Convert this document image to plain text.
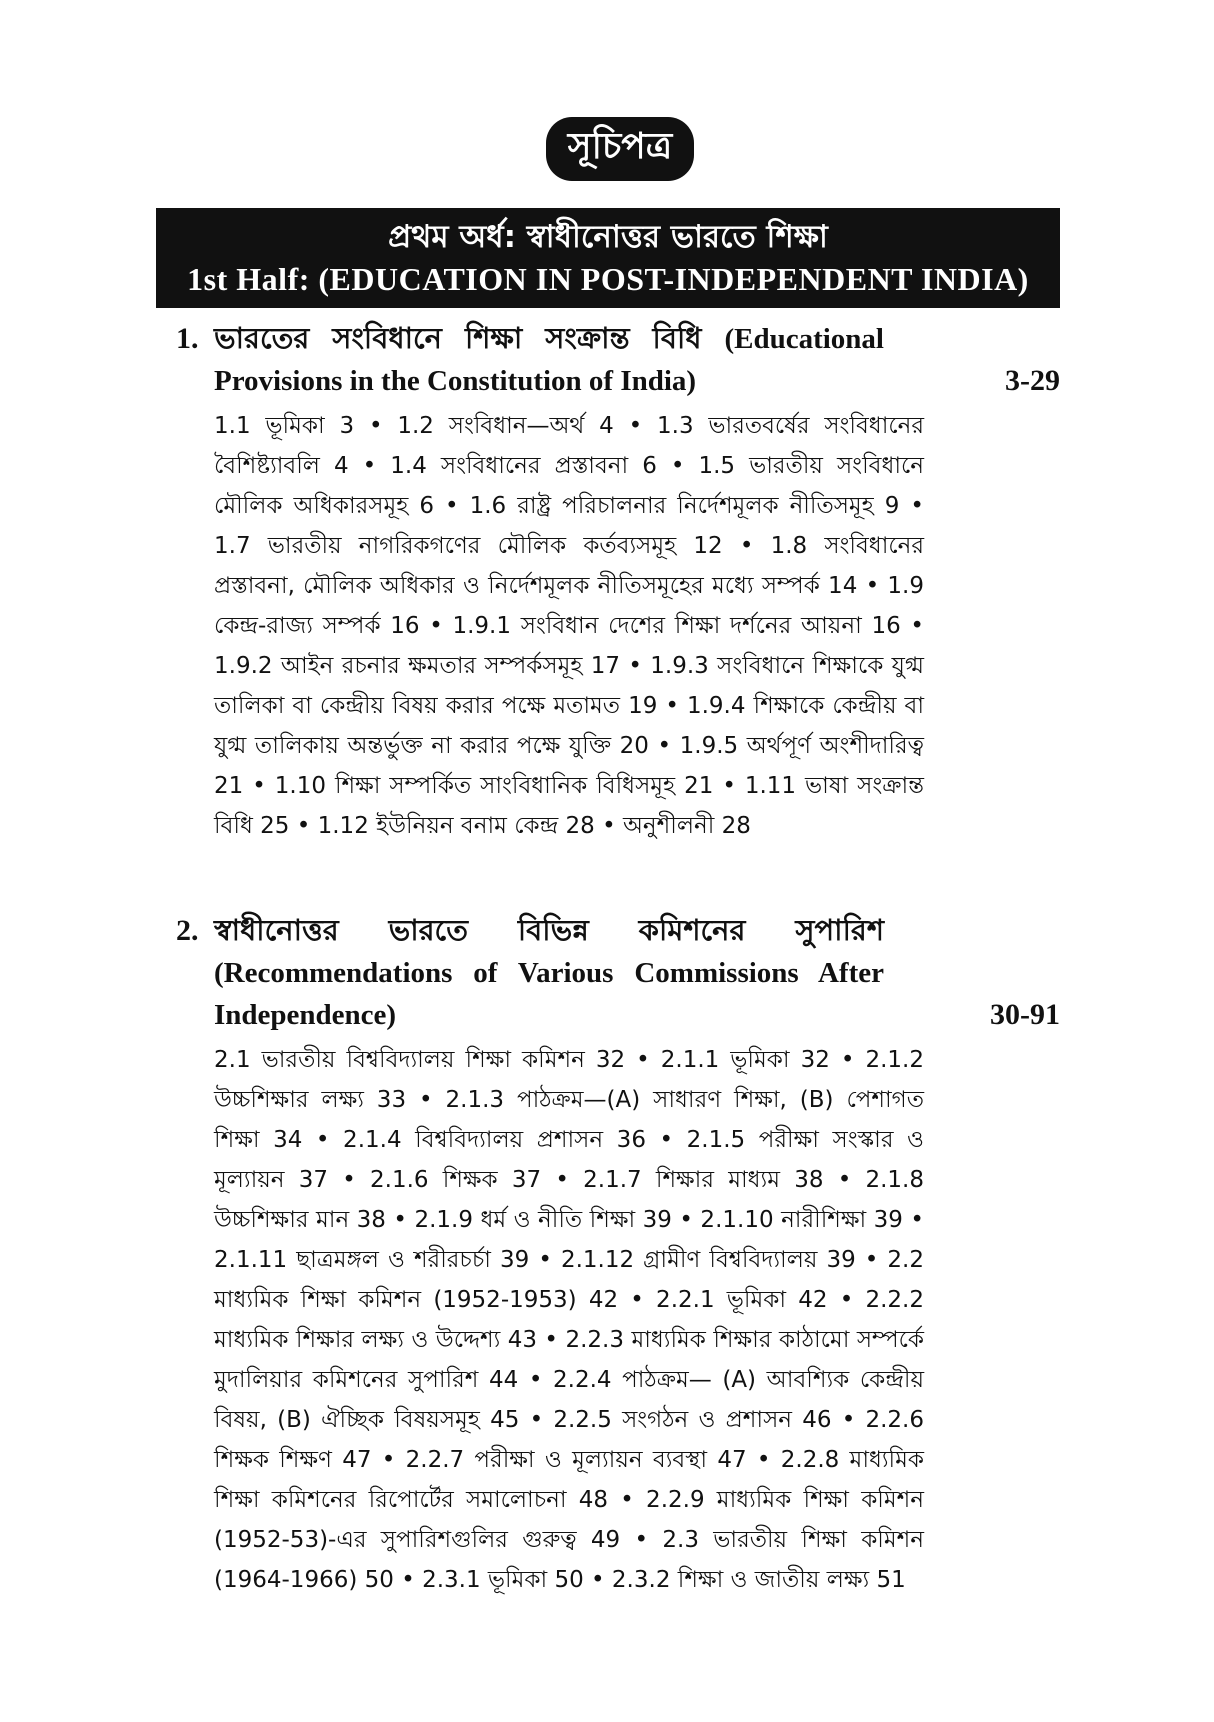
সূচিপত্র
প্রথম অর্ধ: স্বাধীনোত্তর ভারতে শিক্ষা
1st Half: (EDUCATION IN POST-INDEPENDENT INDIA)
1. ভারতের সংবিধানে শিক্ষা সংক্রান্ত বিধি (Educational Provisions in the Constitution of India)	3-29
1.1 ভূমিকা 3 • 1.2 সংবিধান—অর্থ 4 • 1.3 ভারতবর্ষের সংবিধানের বৈশিষ্ট্যাবলি 4 • 1.4 সংবিধানের প্রস্তাবনা 6 • 1.5 ভারতীয় সংবিধানে মৌলিক অধিকারসমূহ 6 • 1.6 রাষ্ট্র পরিচালনার নির্দেশমূলক নীতিসমূহ 9 • 1.7 ভারতীয় নাগরিকগণের মৌলিক কর্তব্যসমূহ 12 • 1.8 সংবিধানের প্রস্তাবনা, মৌলিক অধিকার ও নির্দেশমূলক নীতিসমূহের মধ্যে সম্পর্ক 14 • 1.9 কেন্দ্র-রাজ্য সম্পর্ক 16 • 1.9.1 সংবিধান দেশের শিক্ষা দর্শনের আয়না 16 • 1.9.2 আইন রচনার ক্ষমতার সম্পর্কসমূহ 17 • 1.9.3 সংবিধানে শিক্ষাকে যুগ্ম তালিকা বা কেন্দ্রীয় বিষয় করার পক্ষে মতামত 19 • 1.9.4 শিক্ষাকে কেন্দ্রীয় বা যুগ্ম তালিকায় অন্তর্ভুক্ত না করার পক্ষে যুক্তি 20 • 1.9.5 অর্থপূর্ণ অংশীদারিত্ব 21 • 1.10 শিক্ষা সম্পর্কিত সাংবিধানিক বিধিসমূহ 21 • 1.11 ভাষা সংক্রান্ত বিধি 25 • 1.12 ইউনিয়ন বনাম কেন্দ্র 28 • অনুশীলনী 28
2. স্বাধীনোত্তর ভারতে বিভিন্ন কমিশনের সুপারিশ (Recommendations of Various Commissions After Independence)	30-91
2.1 ভারতীয় বিশ্ববিদ্যালয় শিক্ষা কমিশন 32 • 2.1.1 ভূমিকা 32 • 2.1.2 উচ্চশিক্ষার লক্ষ্য 33 • 2.1.3 পাঠক্রম—(A) সাধারণ শিক্ষা, (B) পেশাগত শিক্ষা 34 • 2.1.4 বিশ্ববিদ্যালয় প্রশাসন 36 • 2.1.5 পরীক্ষা সংস্কার ও মূল্যায়ন 37 • 2.1.6 শিক্ষক 37 • 2.1.7 শিক্ষার মাধ্যম 38 • 2.1.8 উচ্চশিক্ষার মান 38 • 2.1.9 ধর্ম ও নীতি শিক্ষা 39 • 2.1.10 নারীশিক্ষা 39 • 2.1.11 ছাত্রমঙ্গল ও শরীরচর্চা 39 • 2.1.12 গ্রামীণ বিশ্ববিদ্যালয় 39 • 2.2 মাধ্যমিক শিক্ষা কমিশন (1952-1953) 42 • 2.2.1 ভূমিকা 42 • 2.2.2 মাধ্যমিক শিক্ষার লক্ষ্য ও উদ্দেশ্য 43 • 2.2.3 মাধ্যমিক শিক্ষার কাঠামো সম্পর্কে মুদালিয়ার কমিশনের সুপারিশ 44 • 2.2.4 পাঠক্রম— (A) আবশ্যিক কেন্দ্রীয় বিষয়, (B) ঐচ্ছিক বিষয়সমূহ 45 • 2.2.5 সংগঠন ও প্রশাসন 46 • 2.2.6 শিক্ষক শিক্ষণ 47 • 2.2.7 পরীক্ষা ও মূল্যায়ন ব্যবস্থা 47 • 2.2.8 মাধ্যমিক শিক্ষা কমিশনের রিপোর্টের সমালোচনা 48 • 2.2.9 মাধ্যমিক শিক্ষা কমিশন (1952-53)-এর সুপারিশগুলির গুরুত্ব 49 • 2.3 ভারতীয় শিক্ষা কমিশন (1964-1966) 50 • 2.3.1 ভূমিকা 50 • 2.3.2 শিক্ষা ও জাতীয় লক্ষ্য 51
